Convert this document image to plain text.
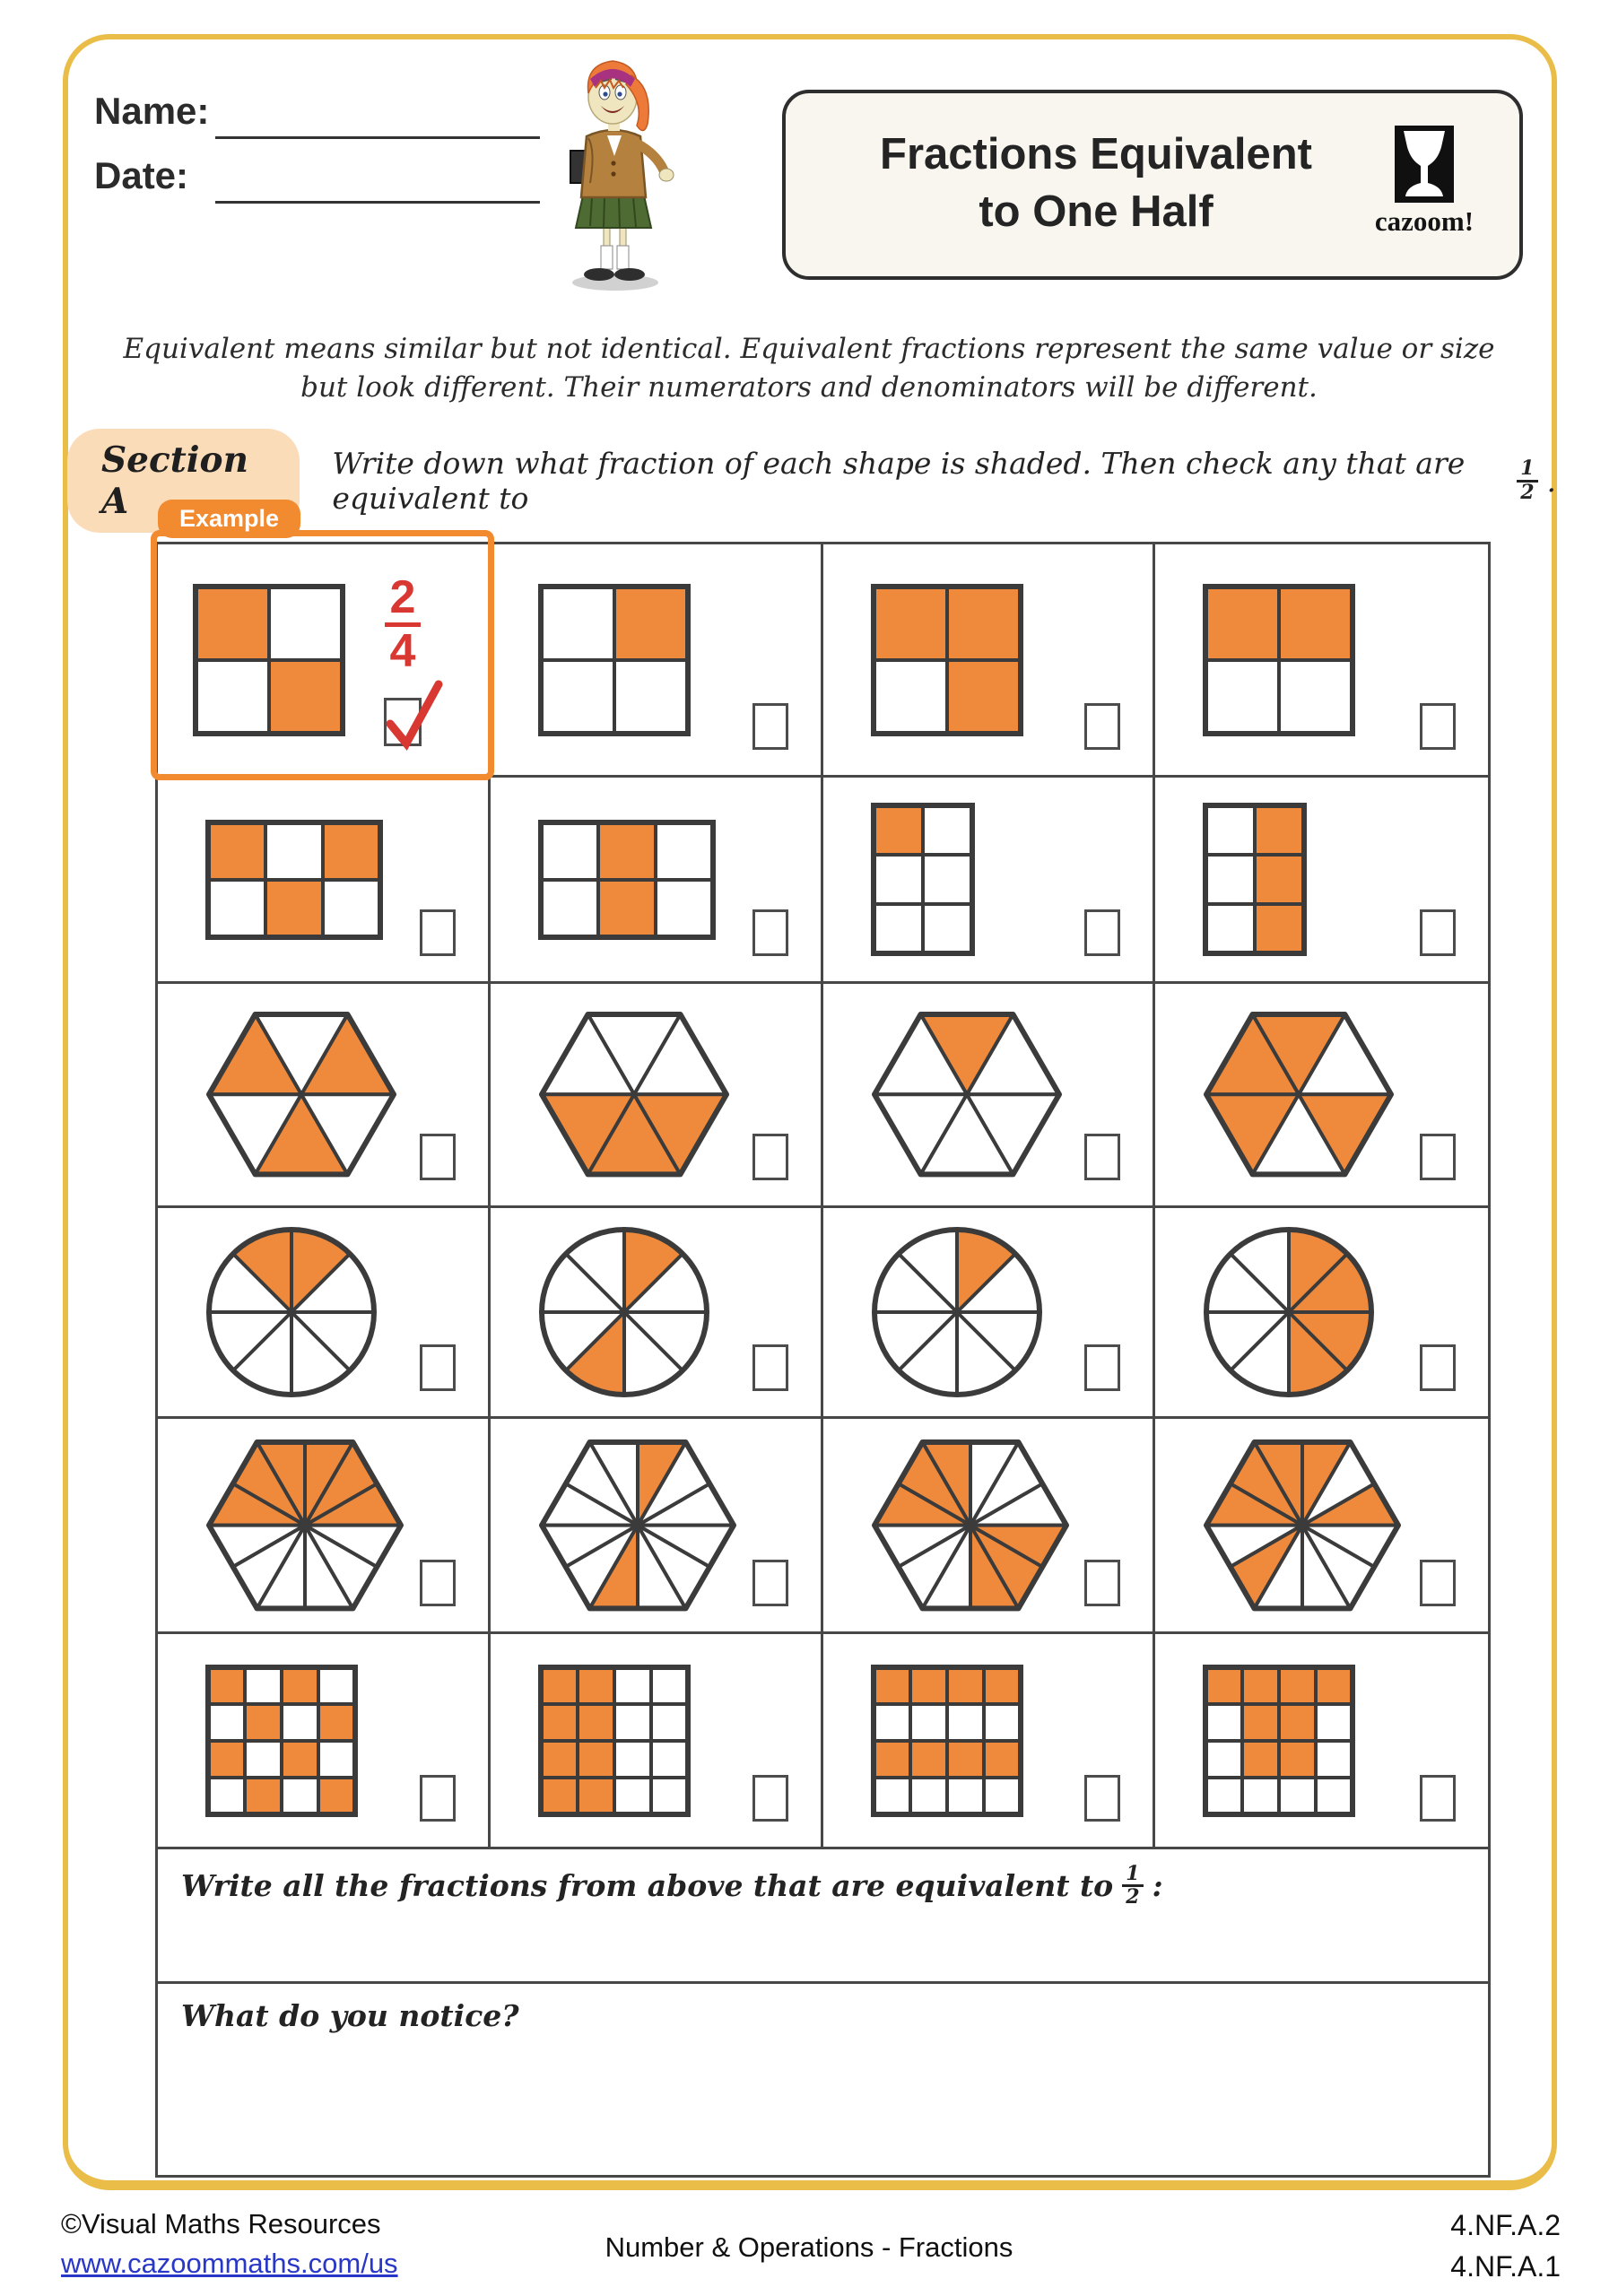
Name:
Date:	Fractions Equivalent
to One Half	cazoom!
Equivalent means similar but not identical. Equivalent fractions represent the same value or size
but look different. Their numerators and denominators will be different.
Section A
Write down what fraction of each shape is shaded. Then check any that are equivalent to	$\frac{1}{2}$ .
Example
$\frac{2}{4}$
Write all the fractions from above that are equivalent to $\frac{1}{2}$ :
What do you notice?
©Visual Maths Resources
www.cazoommaths.com/us
Number & Operations - Fractions
4.NF.A.2
4.NF.A.1
